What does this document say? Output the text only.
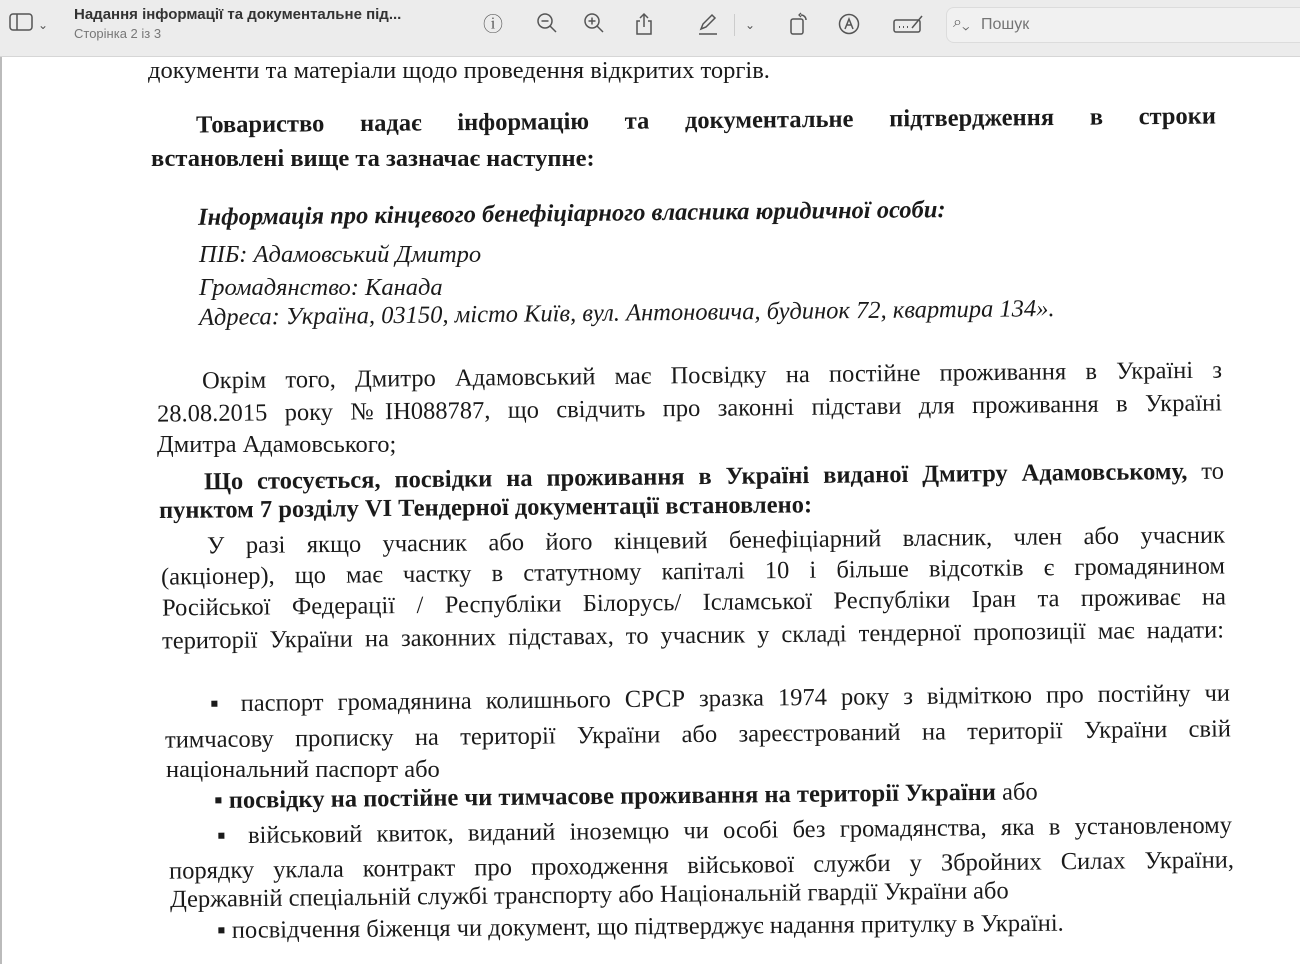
⌄
Надання інформації та документальне під...
Сторінка 2 із 3	ⓘ	⌄	⌕⌄
Пошук
документи та матеріали щодо проведення відкритих торгів.
Товариство надає інформацію та документальне підтвердження в строки
встановлені вище та зазначає наступне:
Інформація про кінцевого бенефіціарного власника юридичної особи:
ПІБ: Адамовський Дмитро
Громадянство: Канада
Адреса: Україна, 03150, місто Київ, вул. Антоновича, будинок 72, квартира 134».
Окрім того, Дмитро Адамовський має Посвідку на постійне проживання в Україні з
28.08.2015 року №ІН088787, що свідчить про законні підстави для проживання в Україні
Дмитра Адамовського;
Що стосується, посвідки на проживання в Україні виданої Дмитру Адамовському, то
пунктом 7 розділу VI Тендерної документації встановлено:
У разі якщо учасник або його кінцевий бенефіціарний власник, член або учасник
(акціонер), що має частку в статутному капіталі 10 і більше відсотків є громадянином
Російської Федерації / Республіки Білорусь/ Ісламської Республіки Іран та проживає на
території України на законних підставах, то учасник у складі тендерної пропозиції має надати:
▪ паспорт громадянина колишнього СРСР зразка 1974 року з відміткою про постійну чи
тимчасову прописку на території України або зареєстрований на території України свій
національний паспорт або
▪ посвідку на постійне чи тимчасове проживання на території України або
▪ військовий квиток, виданий іноземцю чи особі без громадянства, яка в установленому
порядку уклала контракт про проходження військової служби у Збройних Силах України,
Державній спеціальній службі транспорту або Національній гвардії України або
▪ посвідчення біженця чи документ, що підтверджує надання притулку в Україні.
